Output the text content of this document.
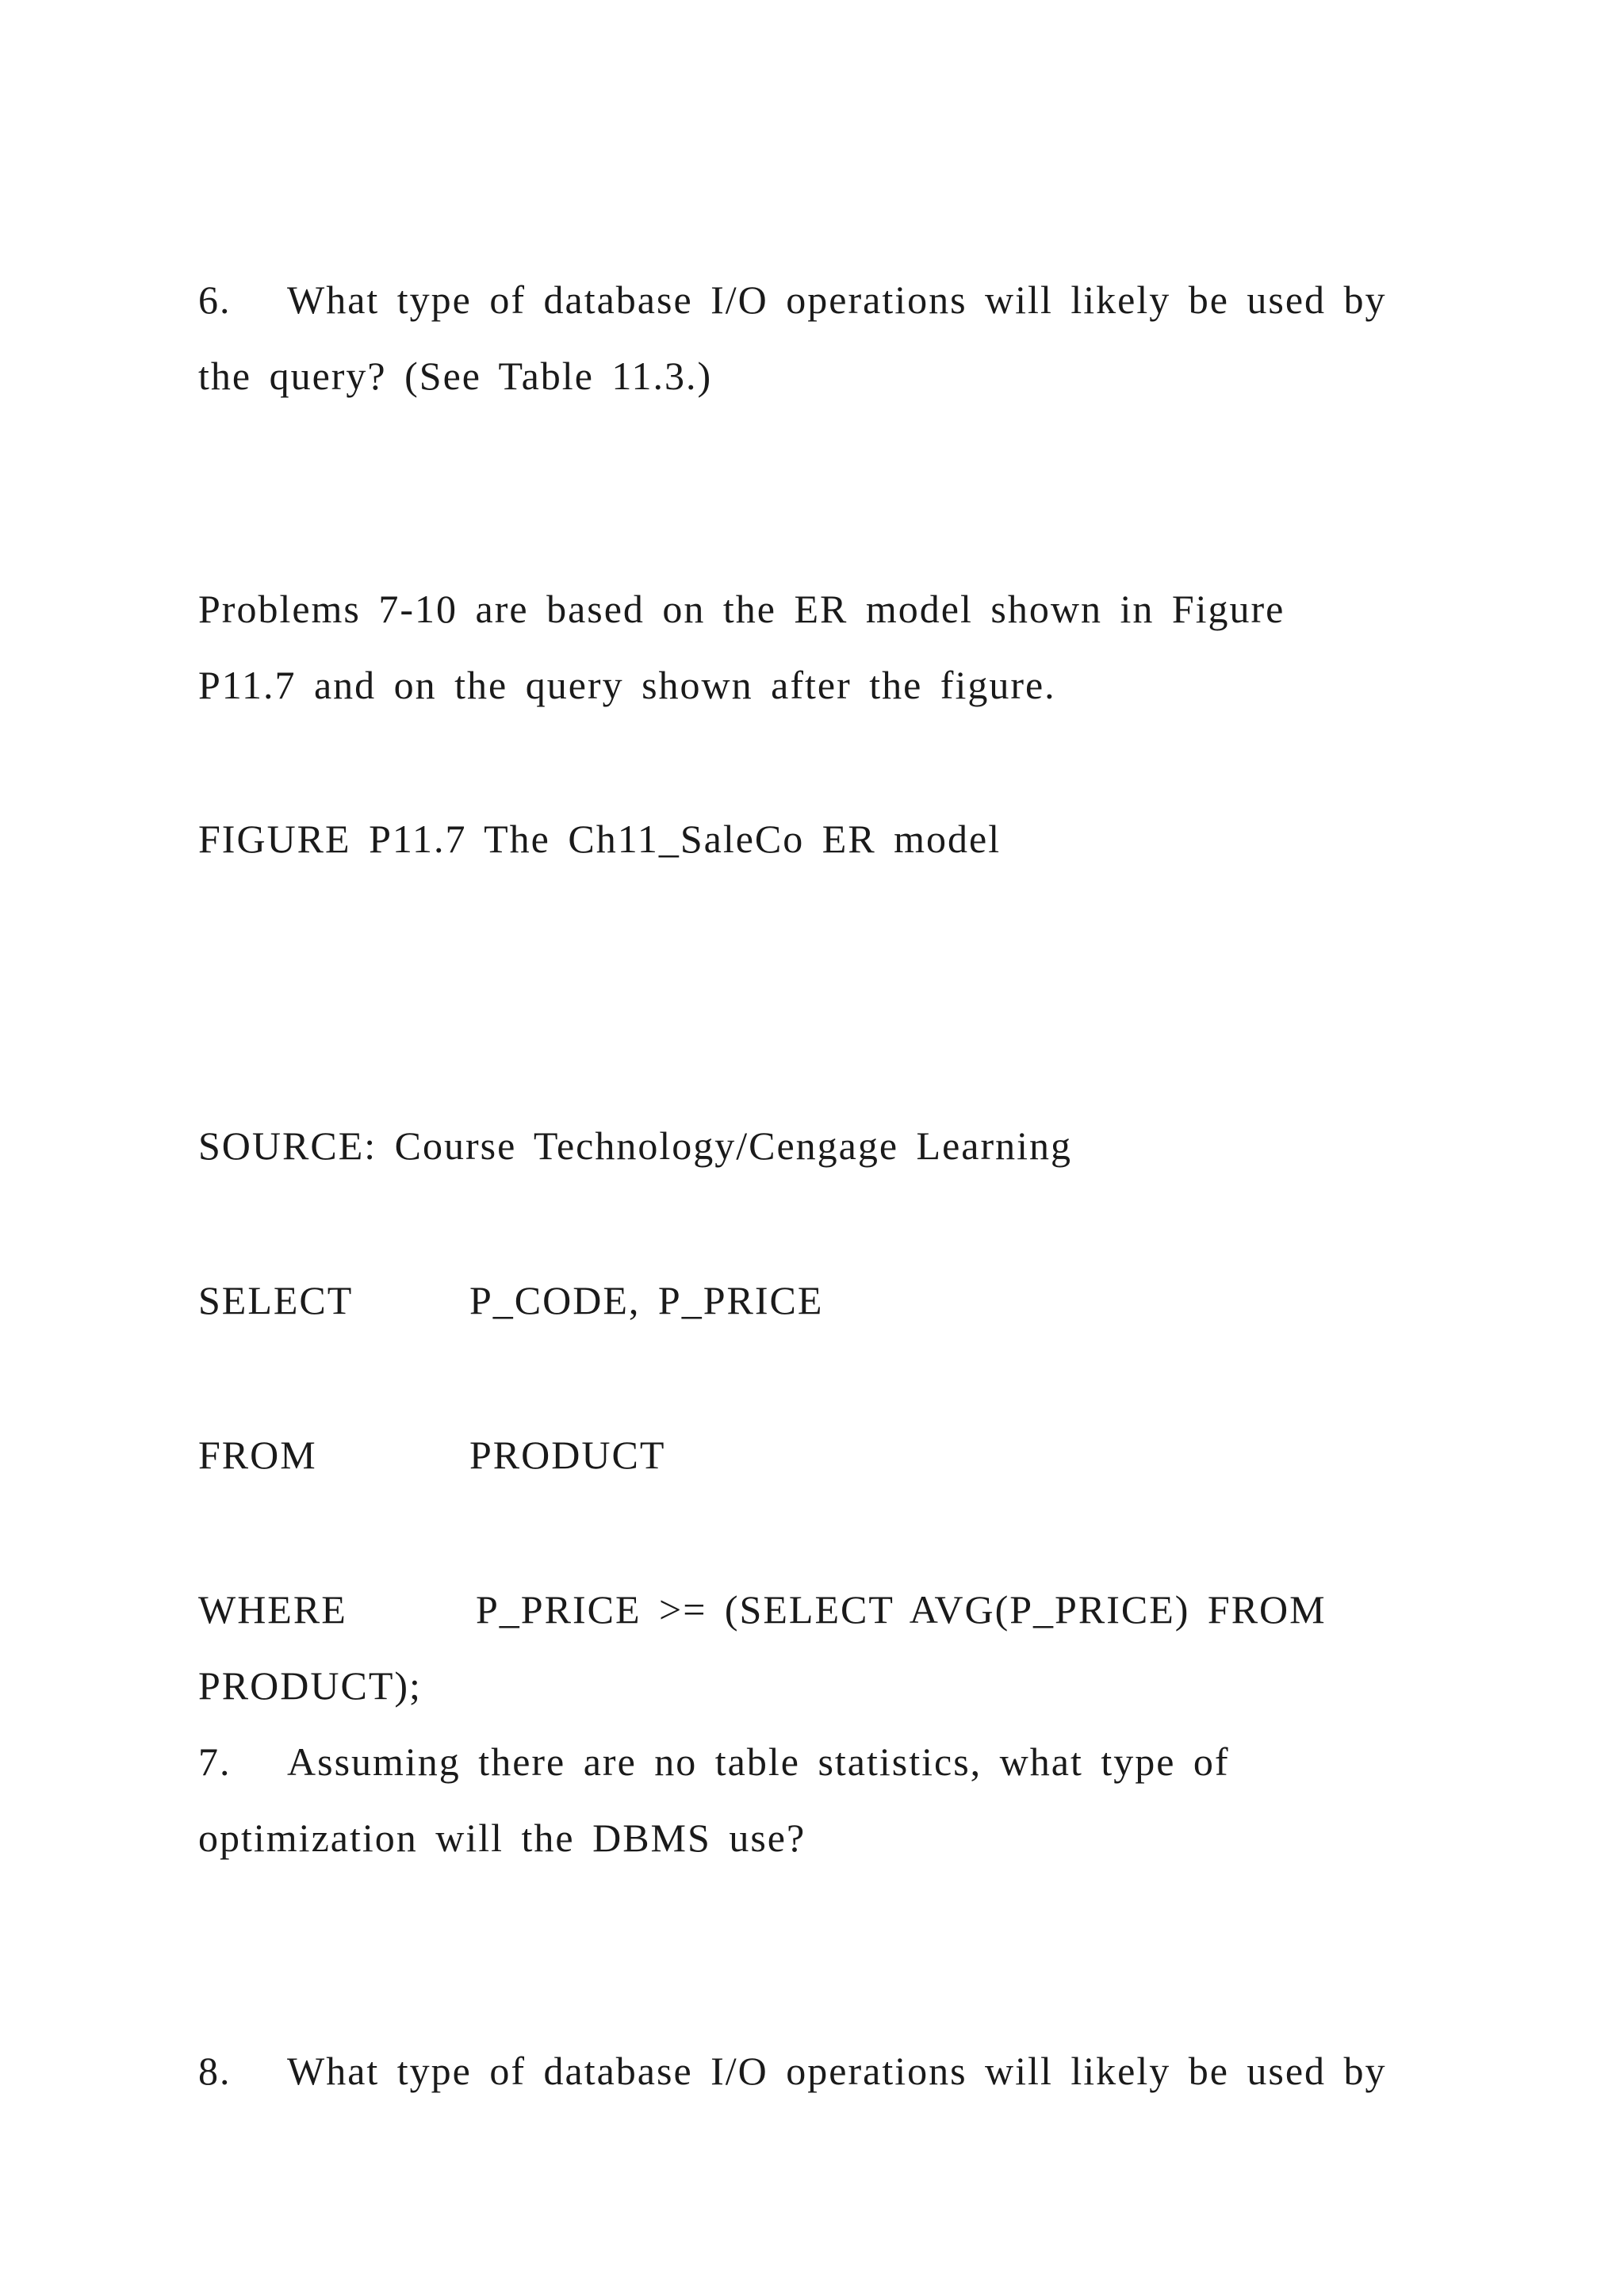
6. What type of database I/O operations will likely be used by
the query? (See Table 11.3.)
Problems 7-10 are based on the ER model shown in Figure
P11.7 and on the query shown after the figure.
FIGURE P11.7 The Ch11_SaleCo ER model
SOURCE: Course Technology/Cengage Learning
SELECT	P_CODE, P_PRICE
FROM	PRODUCT
WHERE	P_PRICE >= (SELECT AVG(P_PRICE) FROM
PRODUCT);
7. Assuming there are no table statistics, what type of
optimization will the DBMS use?
8. What type of database I/O operations will likely be used by
